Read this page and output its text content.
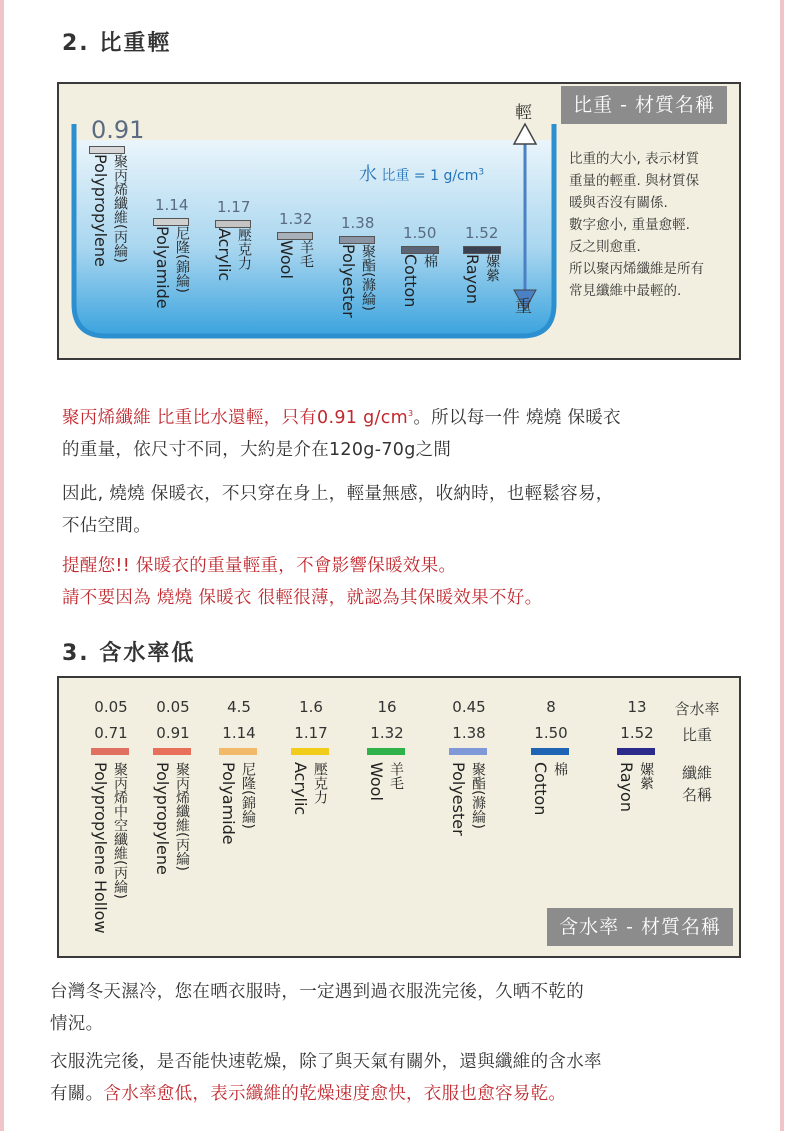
2. 比重輕
輕
重
水 比重 = 1 $g/cm^3$
0.91
Polypropylene 聚丙烯纖維(丙綸) 1.14
Polyamide 尼隆(錦綸)
1.17
Acrylic 壓克力
1.32
Wool 羊毛
1.38
Polyester 聚酯(滌綸)
1.50
Cotton 棉
1.52
Rayon 嫘縈
比重 - 材質名稱
比重的大小, 表示材質
重量的輕重. 與材質保
暖與否沒有關係.
數字愈小, 重量愈輕.
反之則愈重.
所以聚丙烯纖維是所有
常見纖維中最輕的.
聚丙烯纖維 比重比水還輕，只有0.91 $g/cm^3$。所以每一件 燒燒 保暖衣
的重量，依尺寸不同，大約是介在120g-70g之間
因此, 燒燒 保暖衣，不只穿在身上，輕量無感，收納時，也輕鬆容易，
不佔空間。
提醒您!! 保暖衣的重量輕重，不會影響保暖效果。
請不要因為 燒燒 保暖衣 很輕很薄，就認為其保暖效果不好。
3. 含水率低
0.05
0.71
Polypropylene Hollow 聚丙烯中空纖維(丙綸)
0.05
0.91
Polypropylene 聚丙烯纖維(丙綸)
4.5
1.14
Polyamide 尼隆(錦綸)
1.6
1.17
Acrylic 壓克力
16
1.32
Wool 羊毛
0.45
1.38
Polyester 聚酯(滌綸)
8
1.50
Cotton 棉
13
1.52
Rayon 嫘縈
含水率
比重
纖維名稱
含水率 - 材質名稱
台灣冬天濕冷，您在晒衣服時，一定遇到過衣服洗完後，久晒不乾的
情況。
衣服洗完後，是否能快速乾燥，除了與天氣有關外，還與纖維的含水率
有關。含水率愈低，表示纖維的乾燥速度愈快，衣服也愈容易乾。
